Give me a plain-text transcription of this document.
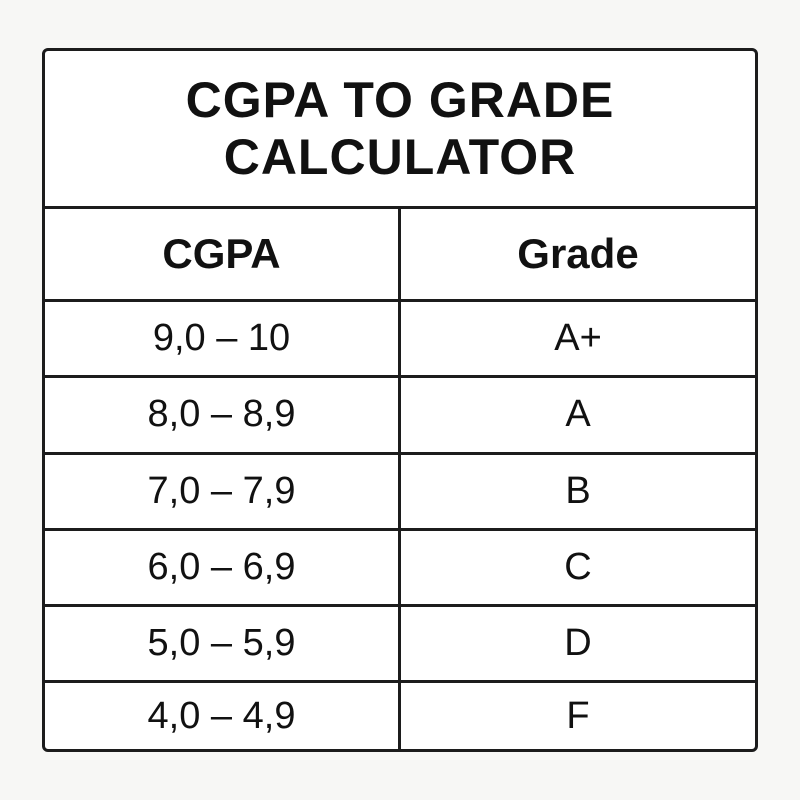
CGPA TO GRADE
CALCULATOR
CGPA	Grade
9,0 – 10	A+
8,0 – 8,9	A
7,0 – 7,9	B
6,0 – 6,9	C
5,0 – 5,9	D
4,0 – 4,9	F
